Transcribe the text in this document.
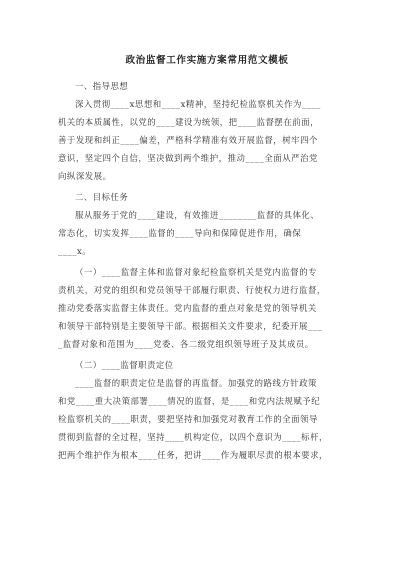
政治监督工作实施方案常用范文模板

一、指导思想

深入贯彻____x思想和____x精神，坚持纪检监察机关作为____

机关的本质属性，以党的____建设为统领，把____监督摆在前面，

善于发现和纠正____偏差，严格科学精准有效开展监督，树牢四个

意识，坚定四个自信，坚决做到两个维护，推动____全面从严治党

向纵深发展。

二、目标任务

服从服务于党的____建设，有效推进________监督的具体化、

常态化，切实发挥____监督的____导向和保障促进作用，确保

____x。

（一）____监督主体和监督对象纪检监察机关是党内监督的专

责机关，对党的组织和党员领导干部履行职责、行使权力进行监督，

推动党委落实监督主体责任。党内监督的重点对象是党的领导机关

和领导干部特别是主要领导干部。根据相关文件要求，纪委开展___

_监督对象和范围为____党委、各二级党组织领导班子及其成员。

（二）____监督职责定位

____监督的职责定位是监督的再监督。加强党的路线方针政策

和党____重大决策部署____情况的监督，是____和党内法规赋予纪

检监察机关的____职责，要把坚持和加强党对教育工作的全面领导

贯彻到监督的全过程，坚持____机构定位，以四个意识为____标杆，

把两个维护作为根本____任务，把讲____作为履职尽责的根本要求，
